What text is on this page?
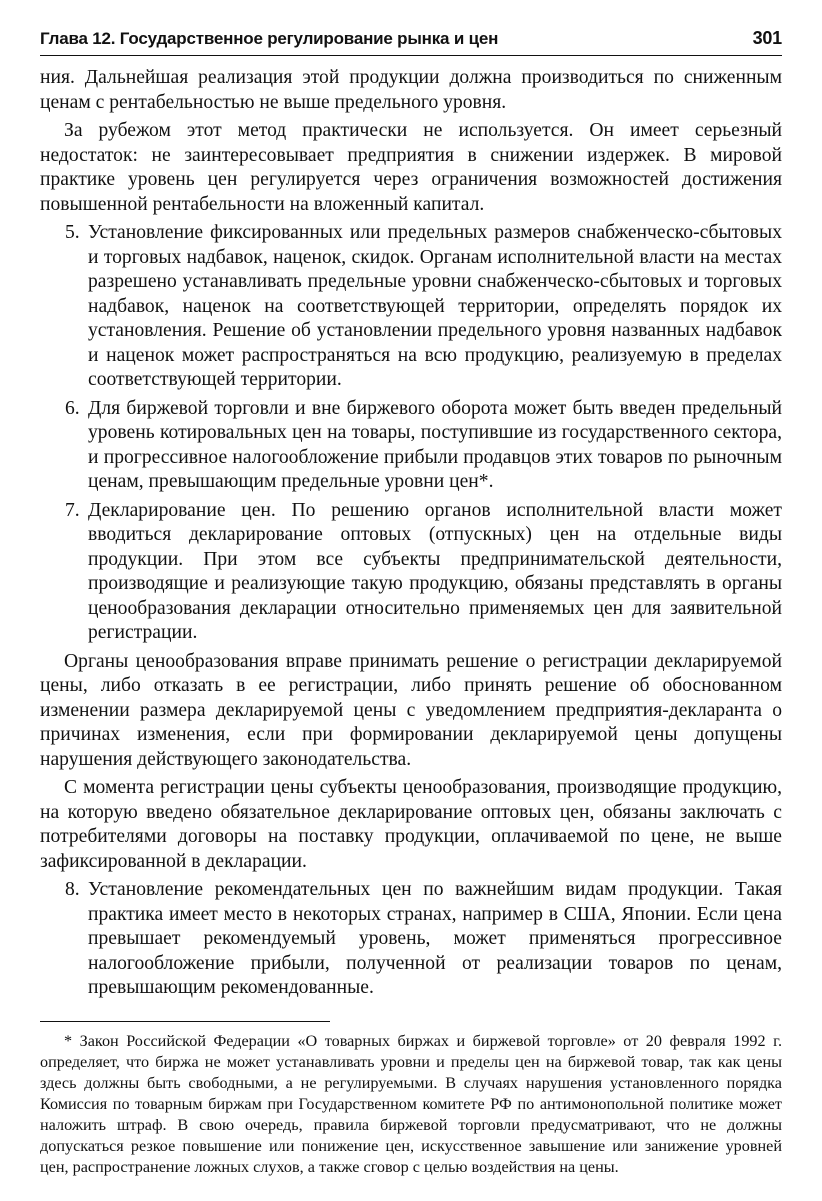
Глава 12. Государственное регулирование рынка и цен	301

ния. Дальнейшая реализация этой продукции должна производиться по сниженным ценам с рентабельностью не выше предельного уровня.

За рубежом этот метод практически не используется. Он имеет серьезный недостаток: не заинтересовывает предприятия в снижении издержек. В мировой практике уровень цен регулируется через ограничения возможностей достижения повышенной рентабельности на вложенный капитал.

5. Установление фиксированных или предельных размеров снабженческо-сбытовых и торговых надбавок, наценок, скидок. Органам исполнительной власти на местах разрешено устанавливать предельные уровни снабженческо-сбытовых и торговых надбавок, наценок на соответствующей территории, определять порядок их установления. Решение об установлении предельного уровня названных надбавок и наценок может распространяться на всю продукцию, реализуемую в пределах соответствующей территории.
6. Для биржевой торговли и вне биржевого оборота может быть введен предельный уровень котировальных цен на товары, поступившие из государственного сектора, и прогрессивное налогообложение прибыли продавцов этих товаров по рыночным ценам, превышающим предельные уровни цен*.
7. Декларирование цен. По решению органов исполнительной власти может вводиться декларирование оптовых (отпускных) цен на отдельные виды продукции. При этом все субъекты предпринимательской деятельности, производящие и реализующие такую продукцию, обязаны представлять в органы ценообразования декларации относительно применяемых цен для заявительной регистрации.

Органы ценообразования вправе принимать решение о регистрации декларируемой цены, либо отказать в ее регистрации, либо принять решение об обоснованном изменении размера декларируемой цены с уведомлением предприятия-декларанта о причинах изменения, если при формировании декларируемой цены допущены нарушения действующего законодательства.

С момента регистрации цены субъекты ценообразования, производящие продукцию, на которую введено обязательное декларирование оптовых цен, обязаны заключать с потребителями договоры на поставку продукции, оплачиваемой по цене, не выше зафиксированной в декларации.

8. Установление рекомендательных цен по важнейшим видам продукции. Такая практика имеет место в некоторых странах, например в США, Японии. Если цена превышает рекомендуемый уровень, может применяться прогрессивное налогообложение прибыли, полученной от реализации товаров по ценам, превышающим рекомендованные.

* Закон Российской Федерации «О товарных биржах и биржевой торговле» от 20 февраля 1992 г. определяет, что биржа не может устанавливать уровни и пределы цен на биржевой товар, так как цены здесь должны быть свободными, а не регулируемыми. В случаях нарушения установленного порядка Комиссия по товарным биржам при Государственном комитете РФ по антимонопольной политике может наложить штраф. В свою очередь, правила биржевой торговли предусматривают, что не должны допускаться резкое повышение или понижение цен, искусственное завышение или занижение уровней цен, распространение ложных слухов, а также сговор с целью воздействия на цены.
